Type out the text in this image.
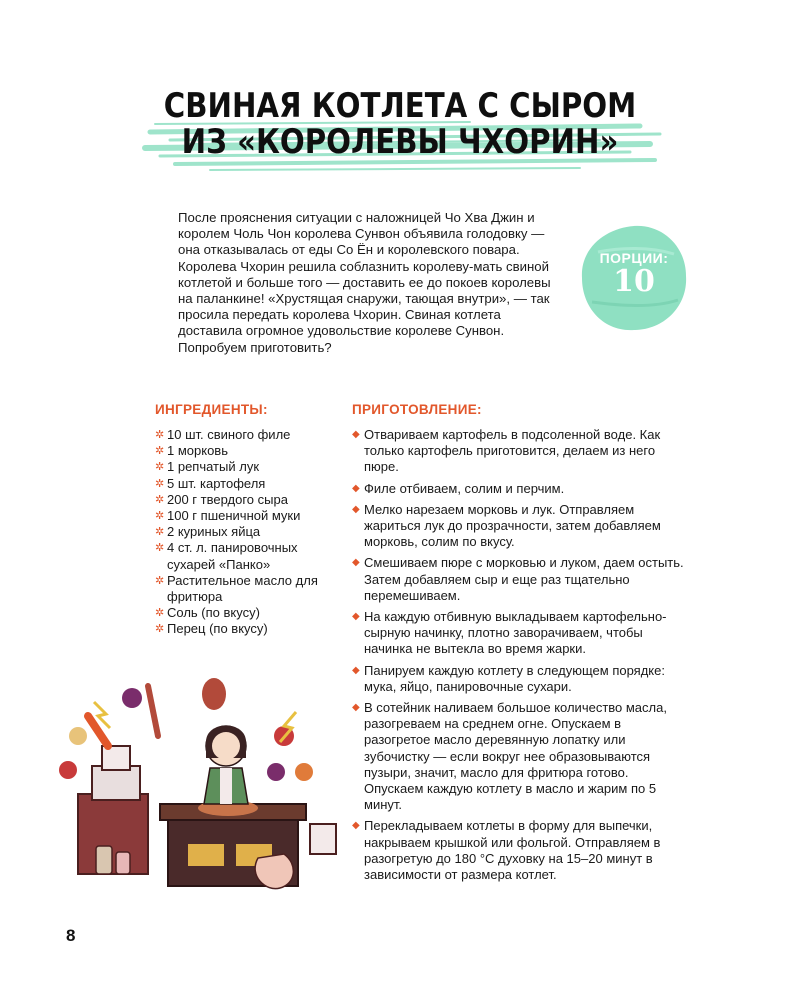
СВИНАЯ КОТЛЕТА С СЫРОМ
ИЗ «КОРОЛЕВЫ ЧХОРИН»

После прояснения ситуации с наложницей Чо Хва Джин и королем Чоль Чон королева Сунвон объявила голодовку — она отказывалась от еды Со Ён и королевского повара. Королева Чхорин решила соблазнить королеву-мать свиной котлетой и больше того — доставить ее до покоев королевы на паланкине! «Хрустящая снаружи, тающая внутри», — так просила передать королева Чхорин. Свиная котлета доставила огромное удовольствие королеве Сунвон. Попробуем приготовить?

ПОРЦИИ:
10
ИНГРЕДИЕНТЫ:
✲ 10 шт. свиного филе
✲ 1 морковь
✲ 1 репчатый лук
✲ 5 шт. картофеля
✲ 200 г твердого сыра
✲ 100 г пшеничной муки
✲ 2 куриных яйца
✲ 4 ст. л. панировочных сухарей «Панко»
✲ Растительное масло для фритюра
✲ Соль (по вкусу)
✲ Перец (по вкусу)
ПРИГОТОВЛЕНИЕ:
◆ Отвариваем картофель в подсоленной воде. Как только картофель приготовится, делаем из него пюре.
◆ Филе отбиваем, солим и перчим.
◆ Мелко нарезаем морковь и лук. Отправляем жариться лук до прозрачности, затем добавляем морковь, солим по вкусу.
◆ Смешиваем пюре с морковью и луком, даем остыть. Затем добавляем сыр и еще раз тщательно перемешиваем.
◆ На каждую отбивную выкладываем картофельно-сырную начинку, плотно заворачиваем, чтобы начинка не вытекла во время жарки.
◆ Панируем каждую котлету в следующем порядке: мука, яйцо, панировочные сухари.
◆ В сотейник наливаем большое количество масла, разогреваем на среднем огне. Опускаем в разогретое масло деревянную лопатку или зубочистку — если вокруг нее образовываются пузыри, значит, масло для фритюра готово. Опускаем каждую котлету в масло и жарим по 5 минут.
◆ Перекладываем котлеты в форму для выпечки, накрываем крышкой или фольгой. Отправляем в разогретую до 180 °С духовку на 15–20 минут в зависимости от размера котлет.
8
